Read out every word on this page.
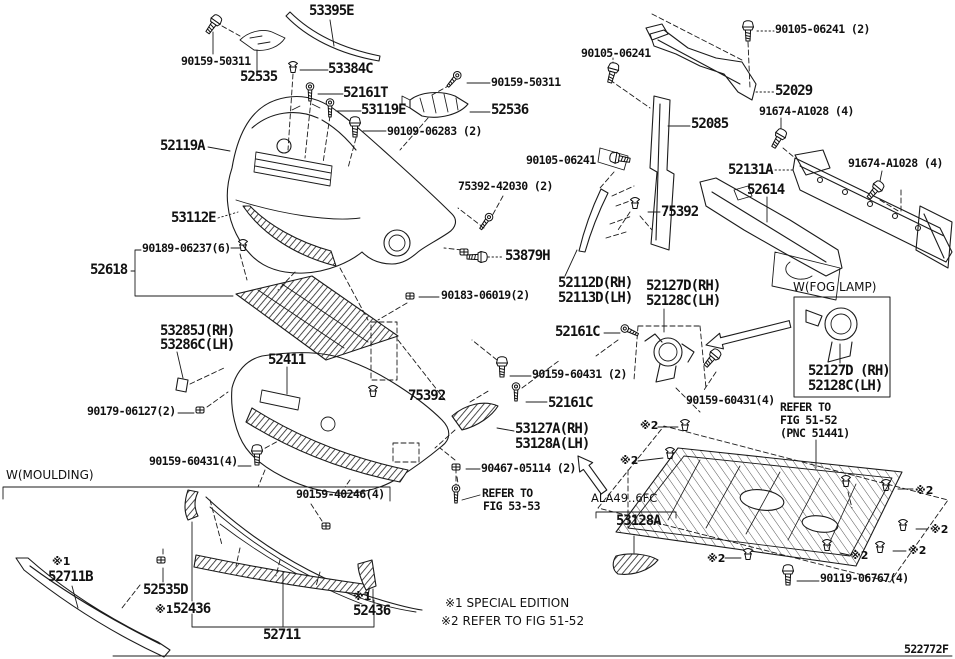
52535
53395E
53384C
52161T
53119E	52536
52119A
52029
52085
53112E
52618
53879H
52112D(RH)
52113D(LH)
75392
52131A
52614
52127D(RH)
52128C(LH)
52127D (RH)
52128C(LH)
52161C
52161C
53127A(RH)
53128A(LH)
53285J(RH)
53286C(LH)
52411
75392
52711B
52535D
52436	52436
52711
53128A
90159-50311
90159-50311
90109-06283 (2)
90105-06241
90105-06241 (2)
91674-A1028 (4)
90105-06241	91674-A1028 (4)
75392-42030 (2)
90189-06237(6)
90183-06019(2)
90179-06127(2)
90159-60431 (2)
90159-60431(4)
90159-60431(4)	90467-05114 (2)
90159-40246(4)
90119-06767(4)
REFER TO
FIG 53-53
REFER TO
FIG 51-52
(PNC 51441)
W(MOULDING)
W(FOG LAMP)
ALA49..6FC
※1 SPECIAL EDITION
※2 REFER TO FIG 51-52
522772F
※1
※1
※1
※2
※2
※2
※2
※2
※2
※2
